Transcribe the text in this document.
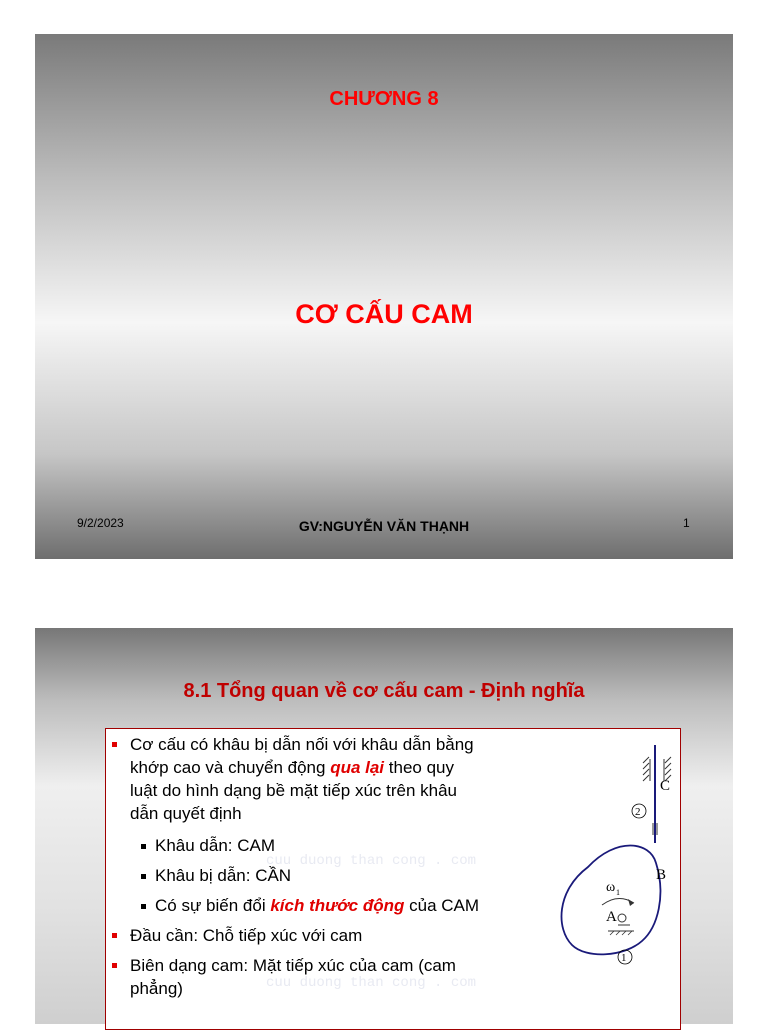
CHƯƠNG 8
CƠ CẤU CAM
9/2/2023	GV:NGUYỄN VĂN THẠNH	1
8.1 Tổng quan về cơ cấu cam - Định nghĩa
cuu duong than cong . com
cuu duong than cong . com
Cơ cấu có khâu bị dẫn nối với khâu dẫn bằng
khớp cao và chuyển động qua lại theo quy
luật do hình dạng bề mặt tiếp xúc trên khâu
dẫn quyết định
Khâu dẫn: CAM
Khâu bị dẫn: CẦN
Có sự biến đổi kích thước động của CAM
Đầu cần: Chỗ tiếp xúc với cam
Biên dạng cam: Mặt tiếp xúc của cam (cam
phẳng)
C
B
A
ω 1
2
1
